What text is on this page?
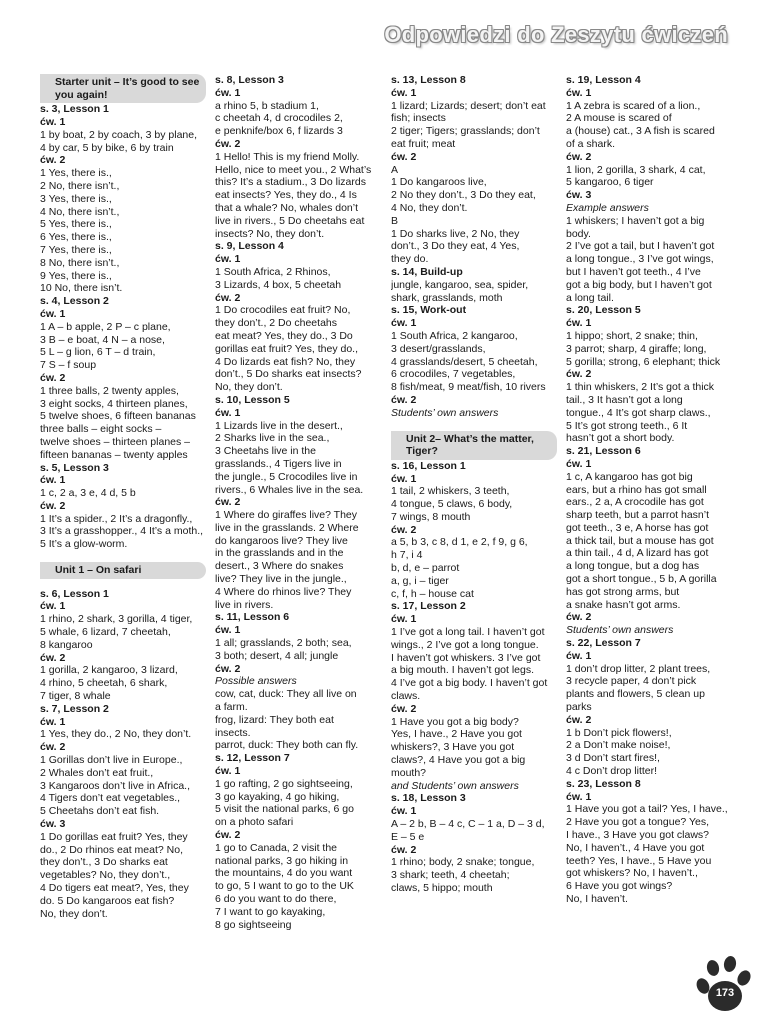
Odpowiedzi do Zeszytu ćwiczeń

Starter unit – It’s good to see you again!

s. 3, Lesson 1

ćw. 1

1 by boat, 2 by coach, 3 by plane,

4 by car, 5 by bike, 6 by train

ćw. 2

1 Yes, there is.,

2 No, there isn’t.,

3 Yes, there is.,

4 No, there isn’t.,

5 Yes, there is.,

6 Yes, there is.,

7 Yes, there is.,

8 No, there isn’t.,

9 Yes, there is.,

10 No, there isn’t.

s. 4, Lesson 2

ćw. 1

1 A – b apple, 2 P – c plane,

3 B – e boat, 4 N – a nose,

5 L – g lion, 6 T – d train,

7 S – f soup

ćw. 2

1 three balls, 2 twenty apples,

3 eight socks, 4 thirteen planes,

5 twelve shoes, 6 fifteen bananas

three balls – eight socks –

twelve shoes – thirteen planes –

fifteen bananas – twenty apples

s. 5, Lesson 3

ćw. 1

1 c, 2 a, 3 e, 4 d, 5 b

ćw. 2

1 It’s a spider., 2 It’s a dragonfly.,

3 It’s a grasshopper., 4 It’s a moth.,

5 It’s a glow-worm.

Unit 1 – On safari

s. 6, Lesson 1

ćw. 1

1 rhino, 2 shark, 3 gorilla, 4 tiger,

5 whale, 6 lizard, 7 cheetah,

8 kangaroo

ćw. 2

1 gorilla, 2 kangaroo, 3 lizard,

4 rhino, 5 cheetah, 6 shark,

7 tiger, 8 whale

s. 7, Lesson 2

ćw. 1

1 Yes, they do., 2 No, they don’t.

ćw. 2

1 Gorillas don’t live in Europe.,

2 Whales don’t eat fruit.,

3 Kangaroos don’t live in Africa.,

4 Tigers don’t eat vegetables.,

5 Cheetahs don’t eat fish.

ćw. 3

1 Do gorillas eat fruit? Yes, they

do., 2 Do rhinos eat meat? No,

they don’t., 3 Do sharks eat

vegetables? No, they don’t.,

4 Do tigers eat meat?, Yes, they

do. 5 Do kangaroos eat fish?

No, they don’t.

s. 8, Lesson 3

ćw. 1

a rhino 5, b stadium 1,

c cheetah 4, d crocodiles 2,

e penknife/box 6, f lizards 3

ćw. 2

1 Hello! This is my friend Molly.

Hello, nice to meet you., 2 What’s

this? It’s a stadium., 3 Do lizards

eat insects? Yes, they do., 4 Is

that a whale? No, whales don’t

live in rivers., 5 Do cheetahs eat

insects? No, they don’t.

s. 9, Lesson 4

ćw. 1

1 South Africa, 2 Rhinos,

3 Lizards, 4 box, 5 cheetah

ćw. 2

1 Do crocodiles eat fruit? No,

they don’t., 2 Do cheetahs

eat meat? Yes, they do., 3 Do

gorillas eat fruit? Yes, they do.,

4 Do lizards eat fish? No, they

don’t., 5 Do sharks eat insects?

No, they don’t.

s. 10, Lesson 5

ćw. 1

1 Lizards live in the desert.,

2 Sharks live in the sea.,

3 Cheetahs live in the

grasslands., 4 Tigers live in

the jungle., 5 Crocodiles live in

rivers., 6 Whales live in the sea.

ćw. 2

1 Where do giraffes live? They

live in the grasslands. 2 Where

do kangaroos live? They live

in the grasslands and in the

desert., 3 Where do snakes

live? They live in the jungle.,

4 Where do rhinos live? They

live in rivers.

s. 11, Lesson 6

ćw. 1

1 all; grasslands, 2 both; sea,

3 both; desert, 4 all; jungle

ćw. 2

Possible answers

cow, cat, duck: They all live on

a farm.

frog, lizard: They both eat

insects.

parrot, duck: They both can fly.

s. 12, Lesson 7

ćw. 1

1 go rafting, 2 go sightseeing,

3 go kayaking, 4 go hiking,

5 visit the national parks, 6 go

on a photo safari

ćw. 2

1 go to Canada, 2 visit the

national parks, 3 go hiking in

the mountains, 4 do you want

to go, 5 I want to go to the UK

6 do you want to do there,

7 I want to go kayaking,

8 go sightseeing

s. 13, Lesson 8

ćw. 1

1 lizard; Lizards; desert; don’t eat

fish; insects

2 tiger; Tigers; grasslands; don’t

eat fruit; meat

ćw. 2

A

1 Do kangaroos live,

2 No they don’t., 3 Do they eat,

4 No, they don’t.

B

1 Do sharks live, 2 No, they

don’t., 3 Do they eat, 4 Yes,

they do.

s. 14, Build-up

jungle, kangaroo, sea, spider,

shark, grasslands, moth

s. 15, Work-out

ćw. 1

1 South Africa, 2 kangaroo,

3 desert/grasslands,

4 grasslands/desert, 5 cheetah,

6 crocodiles, 7 vegetables,

8 fish/meat, 9 meat/fish, 10 rivers

ćw. 2

Students’ own answers

Unit 2– What’s the matter, Tiger?

s. 16, Lesson 1

ćw. 1

1 tail, 2 whiskers, 3 teeth,

4 tongue, 5 claws, 6 body,

7 wings, 8 mouth

ćw. 2

a 5, b 3, c 8, d 1, e 2, f 9, g 6,

h 7, i 4

b, d, e – parrot

a, g, i – tiger

c, f, h – house cat

s. 17, Lesson 2

ćw. 1

1 I’ve got a long tail. I haven’t got

wings., 2 I’ve got a long tongue.

I haven’t got whiskers. 3 I’ve got

a big mouth. I haven’t got legs.

4 I’ve got a big body. I haven’t got

claws.

ćw. 2

1 Have you got a big body?

Yes, I have., 2 Have you got

whiskers?, 3 Have you got

claws?, 4 Have you got a big

mouth?

and Students’ own answers

s. 18, Lesson 3

ćw. 1

A – 2 b, B – 4 c, C – 1 a, D – 3 d,

E – 5 e

ćw. 2

1 rhino; body, 2 snake; tongue,

3 shark; teeth, 4 cheetah;

claws, 5 hippo; mouth

s. 19, Lesson 4

ćw. 1

1 A zebra is scared of a lion.,

2 A mouse is scared of

a (house) cat., 3 A fish is scared

of a shark.

ćw. 2

1 lion, 2 gorilla, 3 shark, 4 cat,

5 kangaroo, 6 tiger

ćw. 3

Example answers

1 whiskers; I haven’t got a big

body.

2 I’ve got a tail, but I haven’t got

a long tongue., 3 I’ve got wings,

but I haven’t got teeth., 4 I’ve

got a big body, but I haven’t got

a long tail.

s. 20, Lesson 5

ćw. 1

1 hippo; short, 2 snake; thin,

3 parrot; sharp, 4 giraffe; long,

5 gorilla; strong, 6 elephant; thick

ćw. 2

1 thin whiskers, 2 It’s got a thick

tail., 3 It hasn’t got a long

tongue., 4 It’s got sharp claws.,

5 It’s got strong teeth., 6 It

hasn’t got a short body.

s. 21, Lesson 6

ćw. 1

1 c, A kangaroo has got big

ears, but a rhino has got small

ears., 2 a, A crocodile has got

sharp teeth, but a parrot hasn’t

got teeth., 3 e, A horse has got

a thick tail, but a mouse has got

a thin tail., 4 d, A lizard has got

a long tongue, but a dog has

got a short tongue., 5 b, A gorilla

has got strong arms, but

a snake hasn’t got arms.

ćw. 2

Students’ own answers

s. 22, Lesson 7

ćw. 1

1 don’t drop litter, 2 plant trees,

3 recycle paper, 4 don’t pick

plants and flowers, 5 clean up

parks

ćw. 2

1 b Don’t pick flowers!,

2 a Don’t make noise!,

3 d Don’t start fires!,

4 c Don’t drop litter!

s. 23, Lesson 8

ćw. 1

1 Have you got a tail? Yes, I have.,

2 Have you got a tongue? Yes,

I have., 3 Have you got claws?

No, I haven’t., 4 Have you got

teeth? Yes, I have., 5 Have you

got whiskers? No, I haven’t.,

6 Have you got wings?

No, I haven’t.

173
